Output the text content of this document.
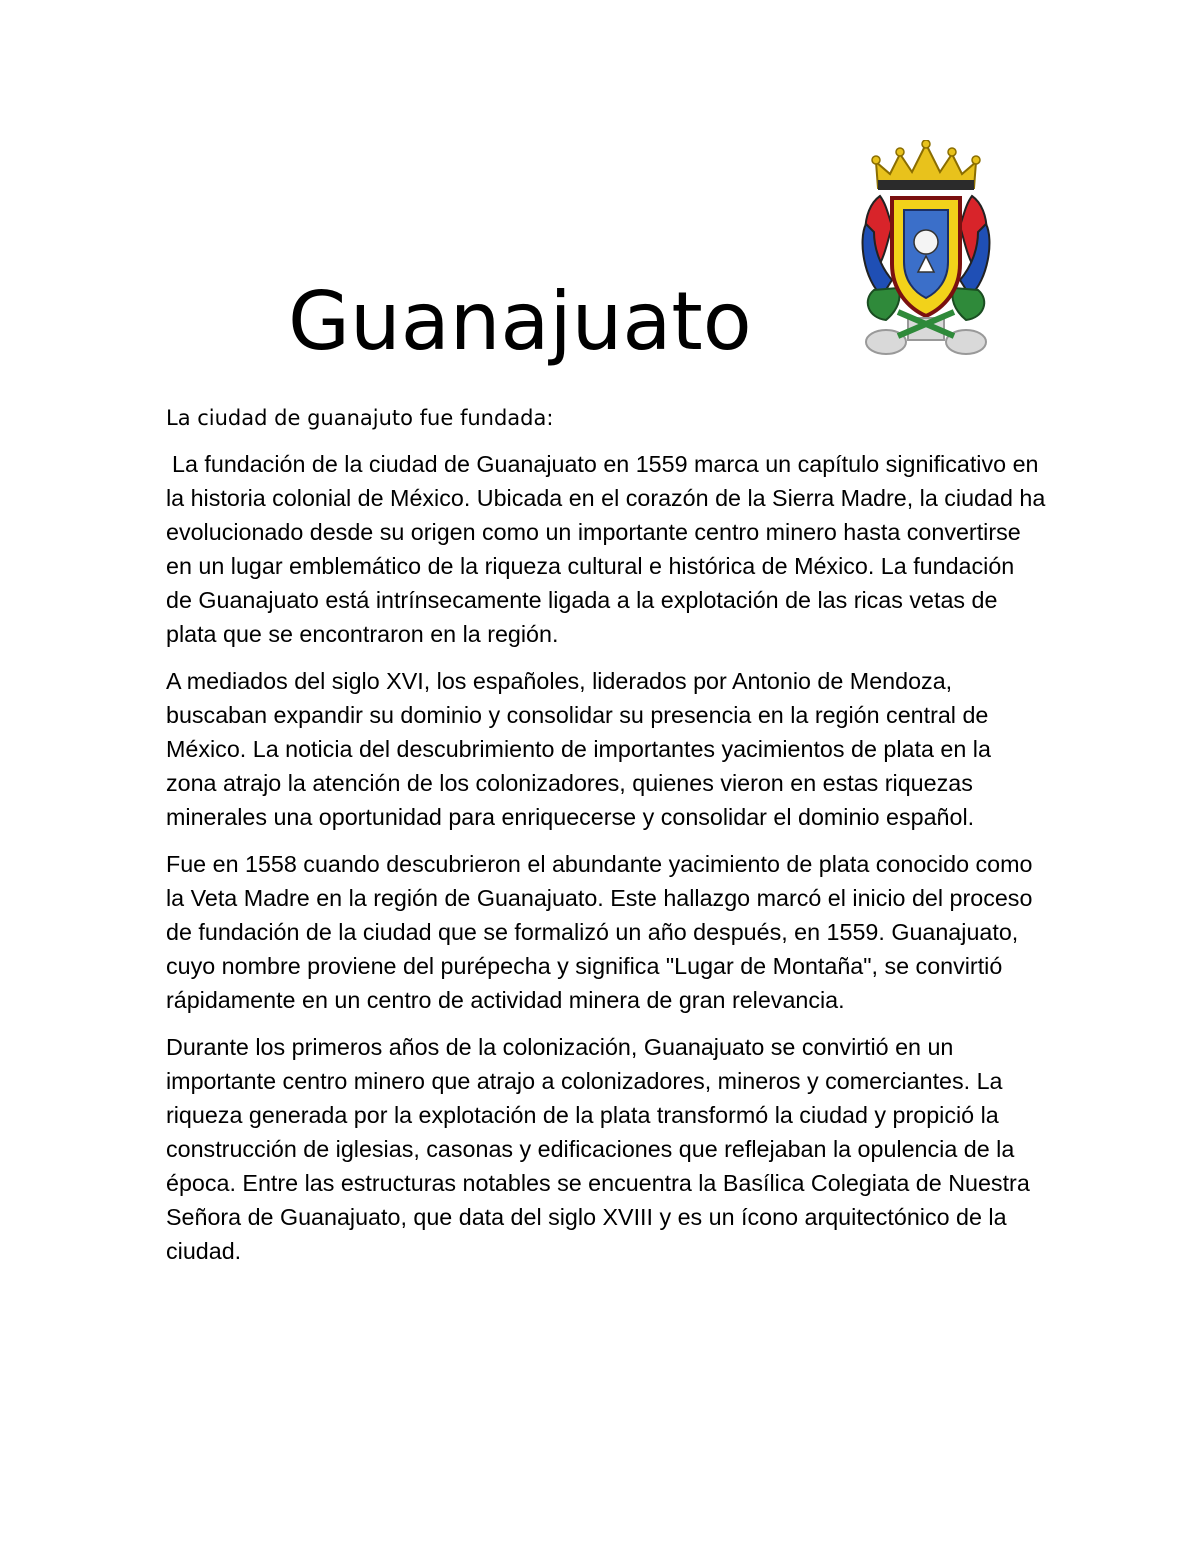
Guanajuato

La ciudad de guanajuto fue fundada:

La fundación de la ciudad de Guanajuato en 1559 marca un capítulo significativo en la historia colonial de México. Ubicada en el corazón de la Sierra Madre, la ciudad ha evolucionado desde su origen como un importante centro minero hasta convertirse en un lugar emblemático de la riqueza cultural e histórica de México. La fundación de Guanajuato está intrínsecamente ligada a la explotación de las ricas vetas de plata que se encontraron en la región.

A mediados del siglo XVI, los españoles, liderados por Antonio de Mendoza, buscaban expandir su dominio y consolidar su presencia en la región central de México. La noticia del descubrimiento de importantes yacimientos de plata en la zona atrajo la atención de los colonizadores, quienes vieron en estas riquezas minerales una oportunidad para enriquecerse y consolidar el dominio español.

Fue en 1558 cuando descubrieron el abundante yacimiento de plata conocido como la Veta Madre en la región de Guanajuato. Este hallazgo marcó el inicio del proceso de fundación de la ciudad que se formalizó un año después, en 1559. Guanajuato, cuyo nombre proviene del purépecha y significa "Lugar de Montaña", se convirtió rápidamente en un centro de actividad minera de gran relevancia.

Durante los primeros años de la colonización, Guanajuato se convirtió en un importante centro minero que atrajo a colonizadores, mineros y comerciantes. La riqueza generada por la explotación de la plata transformó la ciudad y propició la construcción de iglesias, casonas y edificaciones que reflejaban la opulencia de la época. Entre las estructuras notables se encuentra la Basílica Colegiata de Nuestra Señora de Guanajuato, que data del siglo XVIII y es un ícono arquitectónico de la ciudad.
